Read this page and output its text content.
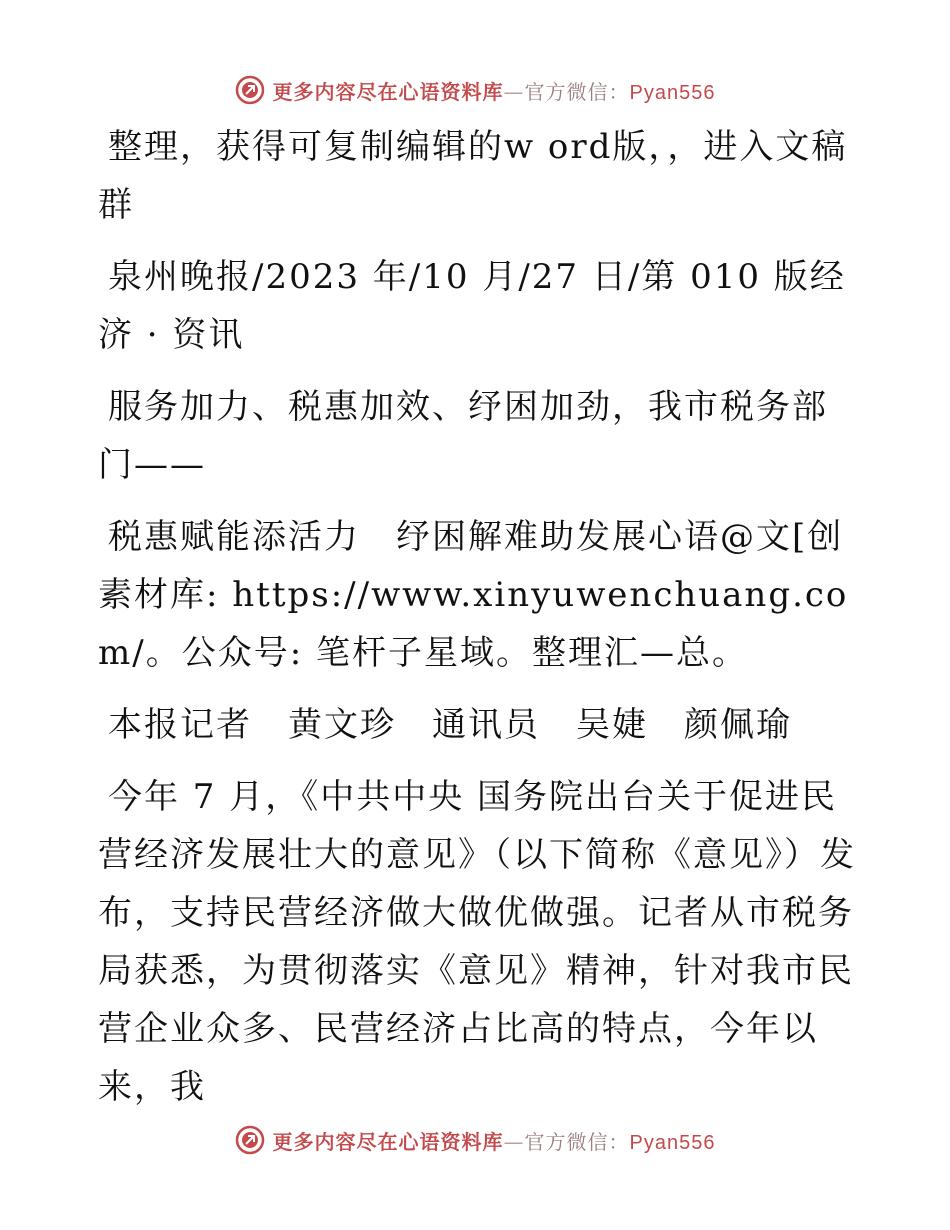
更多内容尽在心语资料库—官方微信：Pyan556

整理，获得可复制编辑的w ord版，，进入文稿群

泉州晚报/2023 年/10 月/27 日/第 010 版经济 · 资讯

服务加力、税惠加效、纾困加劲，我市税务部门——

税惠赋能添活力　纾困解难助发展心语@文[创素材库: https://www.xinyuwenchuang.com/。公众号: 笔杆子星域。整理汇—总。

本报记者　黄文珍　通讯员　吴婕　颜佩瑜

今年 7 月，《中共中央 国务院出台关于促进民营经济发展壮大的意见》（以下简称《意见》）发布，支持民营经济做大做优做强。记者从市税务局获悉，为贯彻落实《意见》精神，针对我市民营企业众多、民营经济占比高的特点，今年以来，我

更多内容尽在心语资料库—官方微信：Pyan556
